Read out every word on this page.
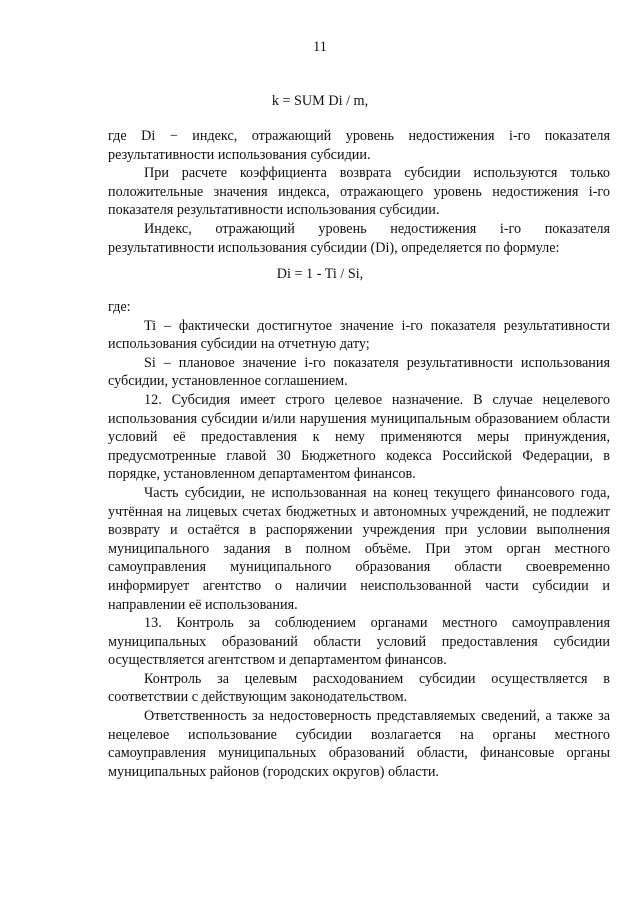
11
k = SUM Di / m,

где Di − индекс, отражающий уровень недостижения i-го показателя результативности использования субсидии.

При расчете коэффициента возврата субсидии используются только положительные значения индекса, отражающего уровень недостижения i-го показателя результативности использования субсидии.

Индекс, отражающий уровень недостижения i-го показателя результативности использования субсидии (Di), определяется по формуле:

Di = 1 - Ti / Si,

где:

Ti – фактически достигнутое значение i-го показателя результативности использования субсидии на отчетную дату;

Si – плановое значение i-го показателя результативности использования субсидии, установленное соглашением.

12. Субсидия имеет строго целевое назначение. В случае нецелевого использования субсидии и/или нарушения муниципальным образованием области условий её предоставления к нему применяются меры принуждения, предусмотренные главой 30 Бюджетного кодекса Российской Федерации, в порядке, установленном департаментом финансов.

Часть субсидии, не использованная на конец текущего финансового года, учтённая на лицевых счетах бюджетных и автономных учреждений, не подлежит возврату и остаётся в распоряжении учреждения при условии выполнения муниципального задания в полном объёме. При этом орган местного самоуправления муниципального образования области своевременно информирует агентство о наличии неиспользованной части субсидии и направлении её использования.

13. Контроль за соблюдением органами местного самоуправления муниципальных образований области условий предоставления субсидии осуществляется агентством и департаментом финансов.

Контроль за целевым расходованием субсидии осуществляется в соответствии с действующим законодательством.

Ответственность за недостоверность представляемых сведений, а также за нецелевое использование субсидии возлагается на органы местного самоуправления муниципальных образований области, финансовые органы муниципальных районов (городских округов) области.
